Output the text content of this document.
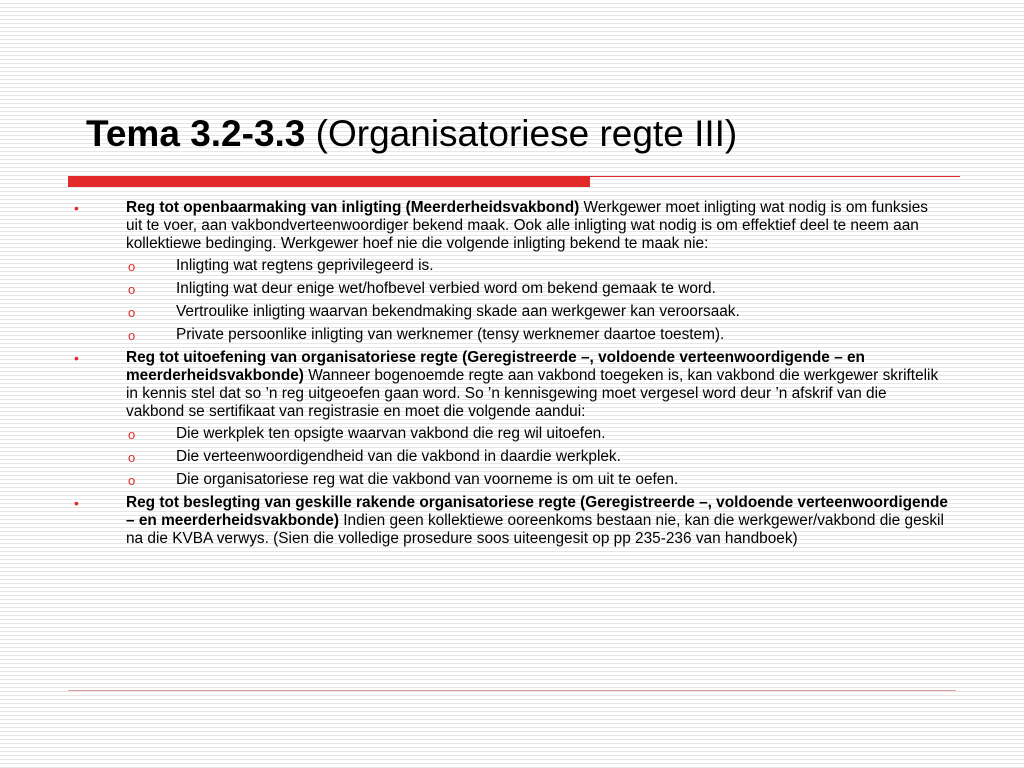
Tema 3.2-3.3 (Organisatoriese regte III)
•	Reg tot openbaarmaking van inligting (Meerderheidsvakbond) Werkgewer moet inligting wat nodig is om funksies uit te voer, aan vakbondverteenwoordiger bekend maak. Ook alle inligting wat nodig is om effektief deel te neem aan kollektiewe bedinging. Werkgewer hoef nie die volgende inligting bekend te maak nie:
o	Inligting wat regtens geprivilegeerd is.
o	Inligting wat deur enige wet/hofbevel verbied word om bekend gemaak te word.
o	Vertroulike inligting waarvan bekendmaking skade aan werkgewer kan veroorsaak.
o	Private persoonlike inligting van werknemer (tensy werknemer daartoe toestem).
•	Reg tot uitoefening van organisatoriese regte (Geregistreerde –, voldoende verteenwoordigende – en meerderheidsvakbonde) Wanneer bogenoemde regte aan vakbond toegeken is, kan vakbond die werkgewer skriftelik in kennis stel dat so ’n reg uitgeoefen gaan word. So ’n kennisgewing moet vergesel word deur ’n afskrif van die vakbond se sertifikaat van registrasie en moet die volgende aandui:
o	Die werkplek ten opsigte waarvan vakbond die reg wil uitoefen.
o	Die verteenwoordigendheid van die vakbond in daardie werkplek.
o	Die organisatoriese reg wat die vakbond van voorneme is om uit te oefen.
•	Reg tot beslegting van geskille rakende organisatoriese regte (Geregistreerde –, voldoende verteenwoordigende – en meerderheidsvakbonde) Indien geen kollektiewe ooreenkoms bestaan nie, kan die werkgewer/vakbond die geskil na die KVBA verwys. (Sien die volledige prosedure soos uiteengesit op pp 235-236 van handboek)
